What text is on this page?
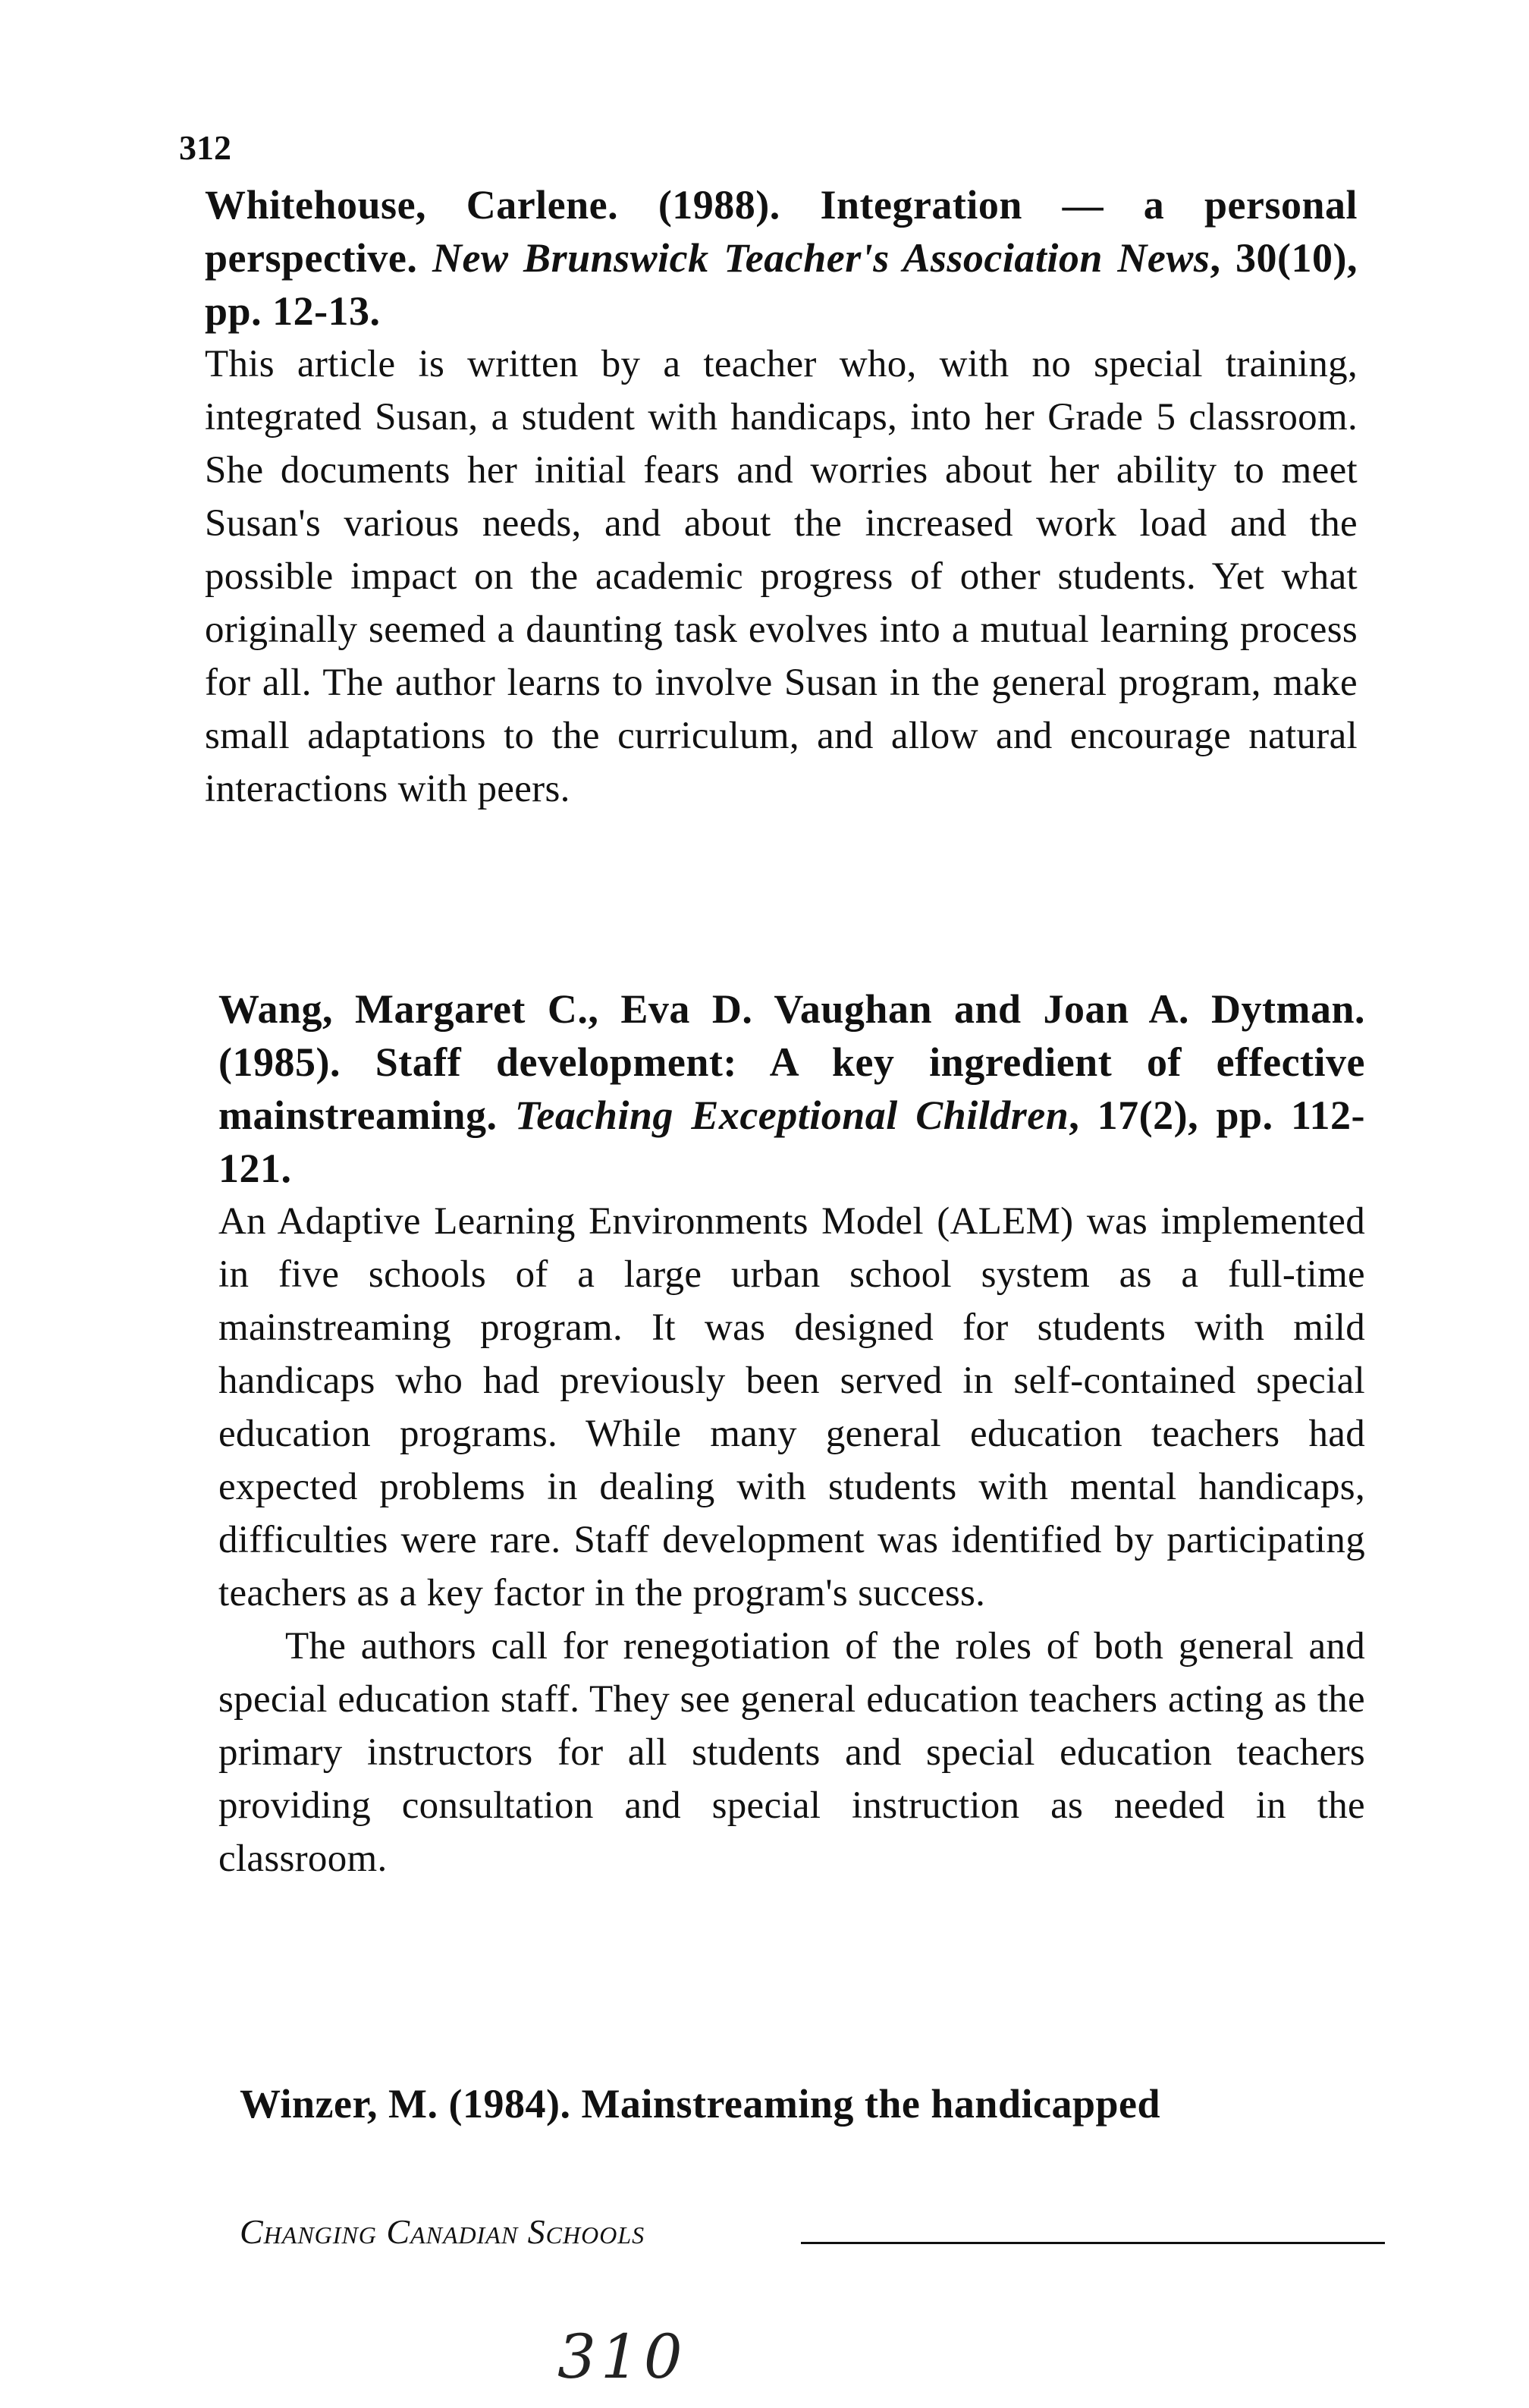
312

Whitehouse, Carlene. (1988). Integration — a personal perspective. New Brunswick Teacher's Association News, 30(10), pp. 12-13.

This article is written by a teacher who, with no special training, integrated Susan, a student with handicaps, into her Grade 5 classroom. She documents her initial fears and worries about her ability to meet Susan's various needs, and about the increased work load and the possible impact on the academic progress of other students. Yet what originally seemed a daunting task evolves into a mutual learning process for all. The author learns to involve Susan in the general program, make small adaptations to the curriculum, and allow and encourage natural interactions with peers.

Wang, Margaret C., Eva D. Vaughan and Joan A. Dytman. (1985). Staff development: A key ingredient of effective mainstreaming. Teaching Exceptional Children, 17(2), pp. 112-121.

An Adaptive Learning Environments Model (ALEM) was implemented in five schools of a large urban school system as a full-time mainstreaming program. It was designed for students with mild handicaps who had previously been served in self-contained special education programs. While many general education teachers had expected problems in dealing with students with mental handicaps, difficulties were rare. Staff development was identified by participating teachers as a key factor in the program's success.

The authors call for renegotiation of the roles of both general and special education staff. They see general education teachers acting as the primary instructors for all students and special education teachers providing consultation and special instruction as needed in the classroom.

Winzer, M. (1984). Mainstreaming the handicapped

Changing Canadian Schools
310
